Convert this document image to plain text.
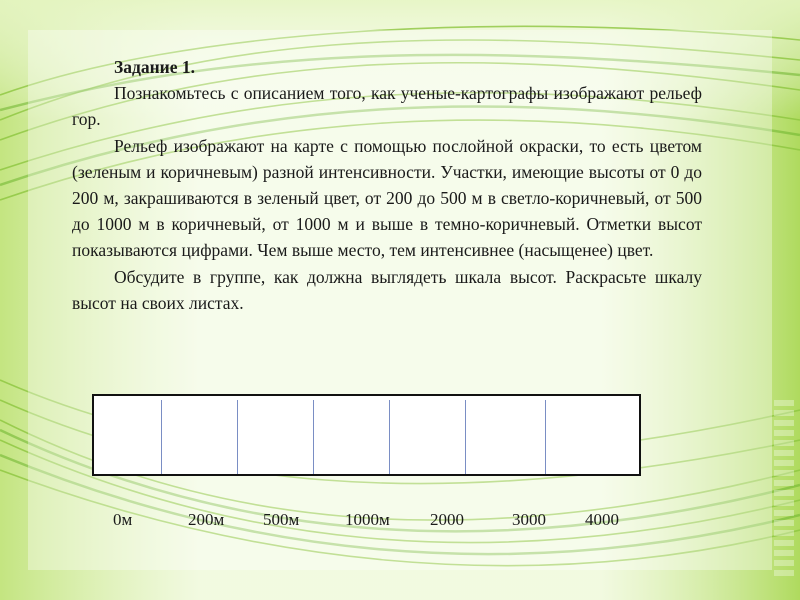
Задание 1.

Познакомьтесь с описанием того, как ученые-картографы изображают рельеф гор.

Рельеф изображают на карте с помощью послойной окраски, то есть цветом (зеленым и коричневым) разной интенсивности. Участки, имеющие высоты от 0 до 200 м, закрашиваются в зеленый цвет, от 200 до 500 м в светло-коричневый, от 500 до 1000 м в коричневый, от 1000 м и выше в темно-коричневый. Отметки высот показываются цифрами. Чем выше место, тем интенсивнее (насыщенее) цвет.

Обсудите в группе, как должна выглядеть шкала высот. Раскрасьте шкалу высот на своих листах.

0м	200м 500м	1000м 2000	3000 4000
